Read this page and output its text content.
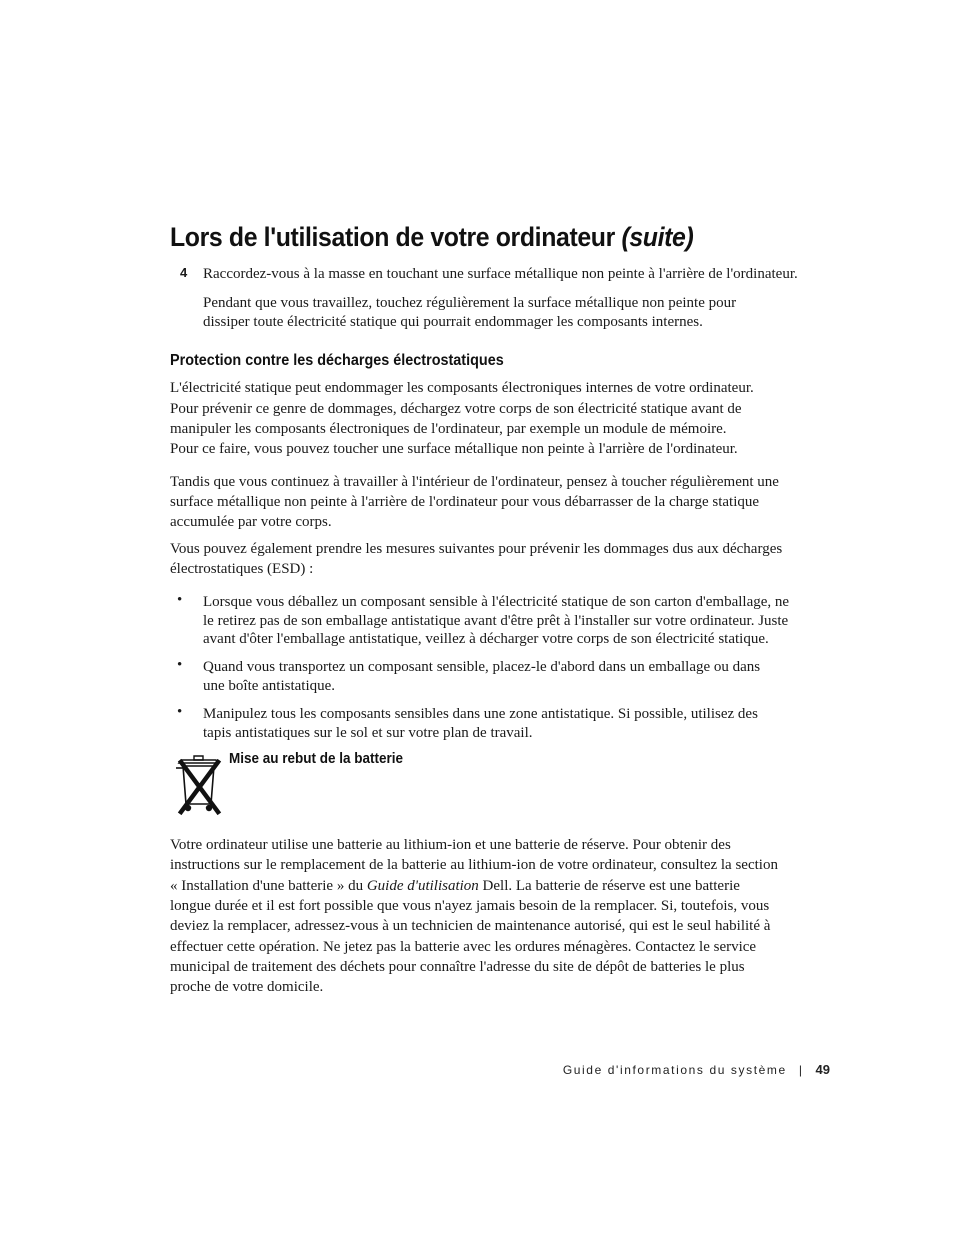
Lors de l'utilisation de votre ordinateur (suite)
4 Raccordez-vous à la masse en touchant une surface métallique non peinte à l'arrière de l'ordinateur.

Pendant que vous travaillez, touchez régulièrement la surface métallique non peinte pour

dissiper toute électricité statique qui pourrait endommager les composants internes.

Protection contre les décharges électrostatiques

L'électricité statique peut endommager les composants électroniques internes de votre ordinateur.

Pour prévenir ce genre de dommages, déchargez votre corps de son électricité statique avant de

manipuler les composants électroniques de l'ordinateur, par exemple un module de mémoire.

Pour ce faire, vous pouvez toucher une surface métallique non peinte à l'arrière de l'ordinateur.

Tandis que vous continuez à travailler à l'intérieur de l'ordinateur, pensez à toucher régulièrement une

surface métallique non peinte à l'arrière de l'ordinateur pour vous débarrasser de la charge statique

accumulée par votre corps.

Vous pouvez également prendre les mesures suivantes pour prévenir les dommages dus aux décharges

électrostatiques (ESD) :

• Lorsque vous déballez un composant sensible à l'électricité statique de son carton d'emballage, ne

le retirez pas de son emballage antistatique avant d'être prêt à l'installer sur votre ordinateur. Juste

avant d'ôter l'emballage antistatique, veillez à décharger votre corps de son électricité statique.

• Quand vous transportez un composant sensible, placez-le d'abord dans un emballage ou dans

une boîte antistatique.

• Manipulez tous les composants sensibles dans une zone antistatique. Si possible, utilisez des

tapis antistatiques sur le sol et sur votre plan de travail.

Mise au rebut de la batterie

Votre ordinateur utilise une batterie au lithium-ion et une batterie de réserve. Pour obtenir des

instructions sur le remplacement de la batterie au lithium-ion de votre ordinateur, consultez la section

« Installation d'une batterie » du Guide d'utilisation Dell. La batterie de réserve est une batterie

longue durée et il est fort possible que vous n'ayez jamais besoin de la remplacer. Si, toutefois, vous

deviez la remplacer, adressez-vous à un technicien de maintenance autorisé, qui est le seul habilité à

effectuer cette opération. Ne jetez pas la batterie avec les ordures ménagères. Contactez le service

municipal de traitement des déchets pour connaître l'adresse du site de dépôt de batteries le plus

proche de votre domicile.

Guide d'informations du système | 49
